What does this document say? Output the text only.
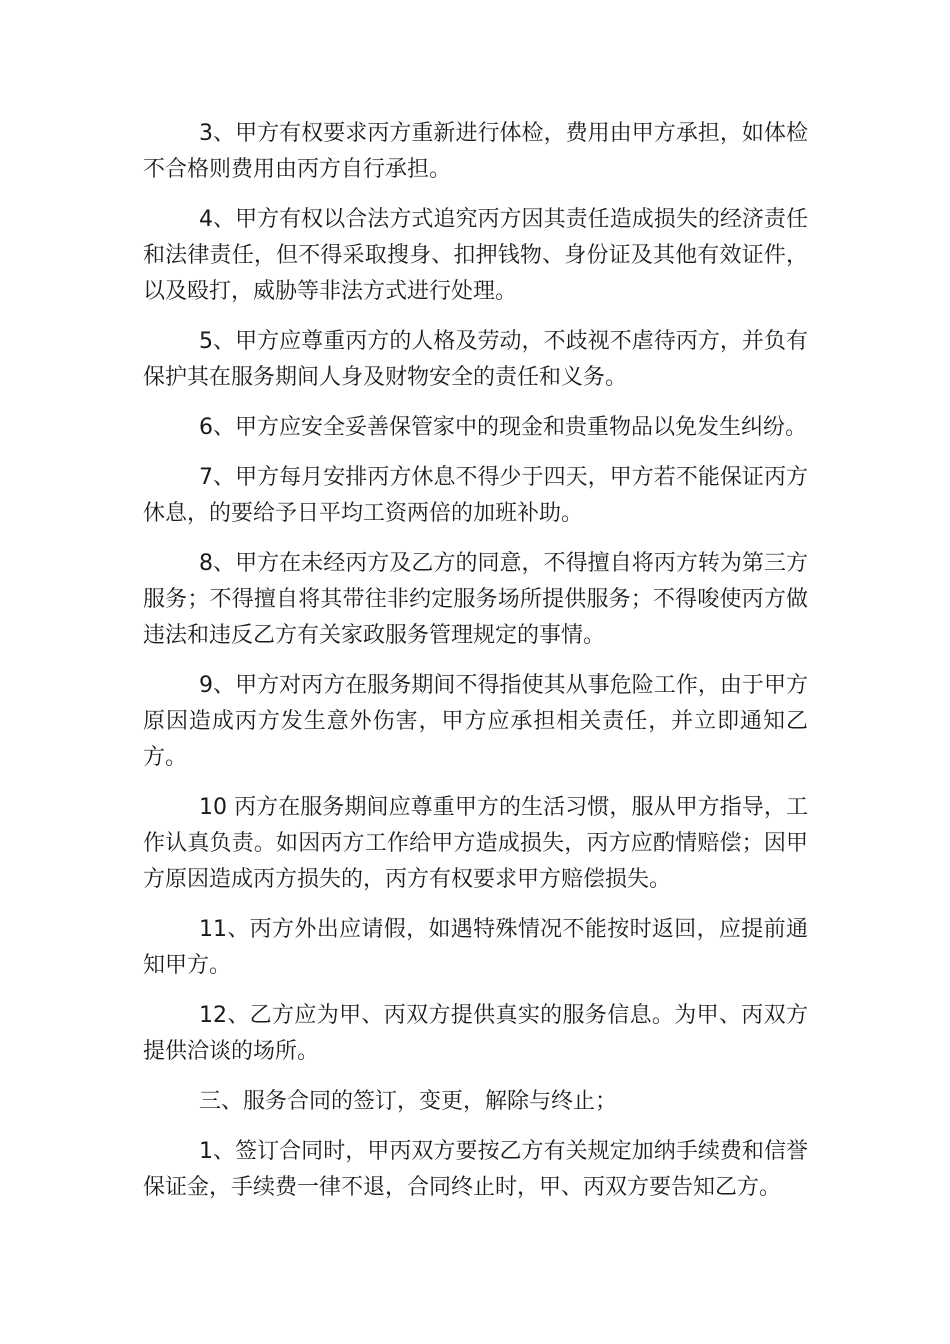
3、甲方有权要求丙方重新进行体检，费用由甲方承担，如体检不合格则费用由丙方自行承担。

4、甲方有权以合法方式追究丙方因其责任造成损失的经济责任和法律责任，但不得采取搜身、扣押钱物、身份证及其他有效证件，以及殴打，威胁等非法方式进行处理。

5、甲方应尊重丙方的人格及劳动，不歧视不虐待丙方，并负有保护其在服务期间人身及财物安全的责任和义务。

6、甲方应安全妥善保管家中的现金和贵重物品以免发生纠纷。

7、甲方每月安排丙方休息不得少于四天，甲方若不能保证丙方休息，的要给予日平均工资两倍的加班补助。

8、甲方在未经丙方及乙方的同意，不得擅自将丙方转为第三方服务；不得擅自将其带往非约定服务场所提供服务；不得唆使丙方做违法和违反乙方有关家政服务管理规定的事情。

9、甲方对丙方在服务期间不得指使其从事危险工作，由于甲方原因造成丙方发生意外伤害，甲方应承担相关责任，并立即通知乙方。

10 丙方在服务期间应尊重甲方的生活习惯，服从甲方指导，工作认真负责。如因丙方工作给甲方造成损失，丙方应酌情赔偿；因甲方原因造成丙方损失的，丙方有权要求甲方赔偿损失。

11、丙方外出应请假，如遇特殊情况不能按时返回，应提前通知甲方。

12、乙方应为甲、丙双方提供真实的服务信息。为甲、丙双方提供洽谈的场所。

三、服务合同的签订，变更，解除与终止；

1、签订合同时，甲丙双方要按乙方有关规定加纳手续费和信誉保证金，手续费一律不退，合同终止时，甲、丙双方要告知乙方。
